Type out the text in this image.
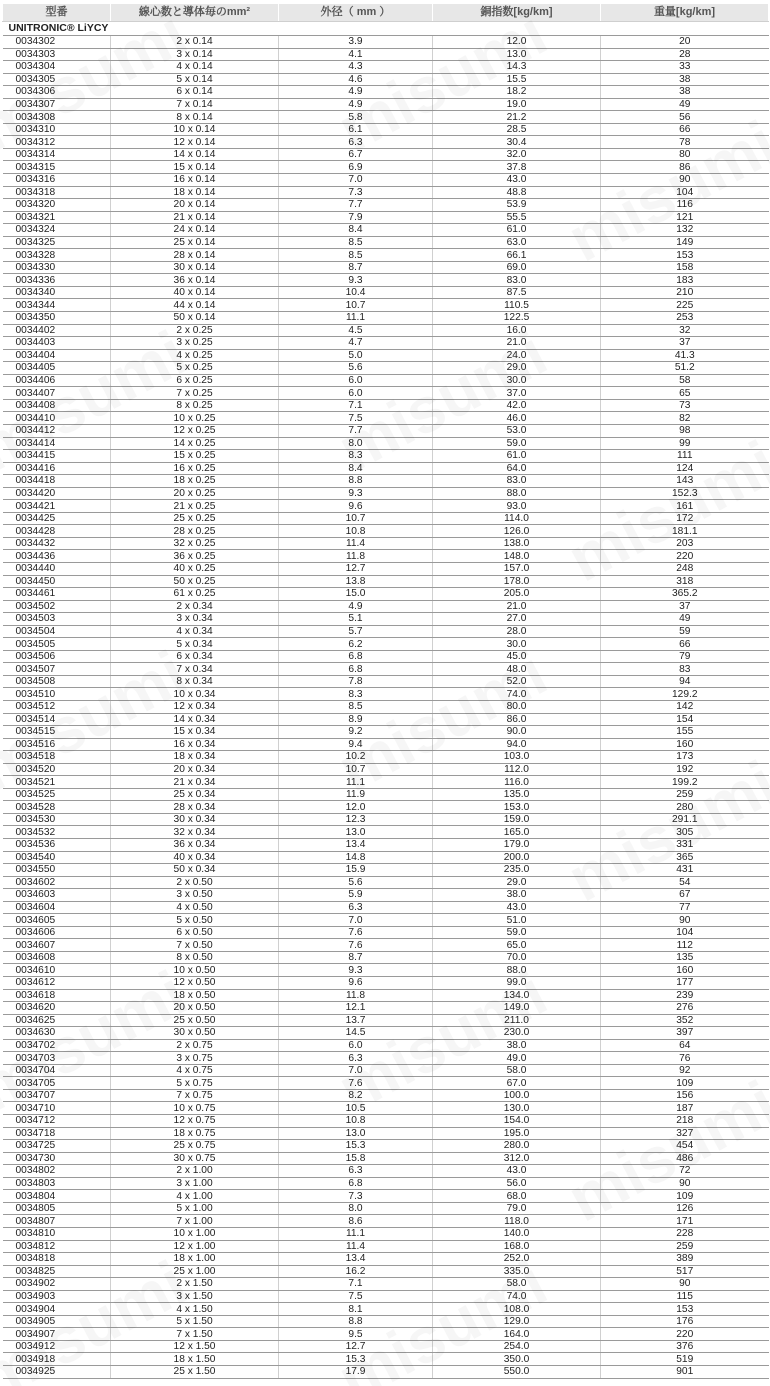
型番	線心数と導体毎のmm²	外径（ mm ）	銅指数[kg/km]	重量[kg/km]
UNITRONIC® LiYCY				
0034302	2 x 0.14	3.9	12.0	20
0034303	3 x 0.14	4.1	13.0	28
0034304	4 x 0.14	4.3	14.3	33
0034305	5 x 0.14	4.6	15.5	38
0034306	6 x 0.14	4.9	18.2	38
0034307	7 x 0.14	4.9	19.0	49
0034308	8 x 0.14	5.8	21.2	56
0034310	10 x 0.14	6.1	28.5	66
0034312	12 x 0.14	6.3	30.4	78
0034314	14 x 0.14	6.7	32.0	80
0034315	15 x 0.14	6.9	37.8	86
0034316	16 x 0.14	7.0	43.0	90
0034318	18 x 0.14	7.3	48.8	104
0034320	20 x 0.14	7.7	53.9	116
0034321	21 x 0.14	7.9	55.5	121
0034324	24 x 0.14	8.4	61.0	132
0034325	25 x 0.14	8.5	63.0	149
0034328	28 x 0.14	8.5	66.1	153
0034330	30 x 0.14	8.7	69.0	158
0034336	36 x 0.14	9.3	83.0	183
0034340	40 x 0.14	10.4	87.5	210
0034344	44 x 0.14	10.7	110.5	225
0034350	50 x 0.14	11.1	122.5	253
0034402	2 x 0.25	4.5	16.0	32
0034403	3 x 0.25	4.7	21.0	37
0034404	4 x 0.25	5.0	24.0	41.3
0034405	5 x 0.25	5.6	29.0	51.2
0034406	6 x 0.25	6.0	30.0	58
0034407	7 x 0.25	6.0	37.0	65
0034408	8 x 0.25	7.1	42.0	73
0034410	10 x 0.25	7.5	46.0	82
0034412	12 x 0.25	7.7	53.0	98
0034414	14 x 0.25	8.0	59.0	99
0034415	15 x 0.25	8.3	61.0	111
0034416	16 x 0.25	8.4	64.0	124
0034418	18 x 0.25	8.8	83.0	143
0034420	20 x 0.25	9.3	88.0	152.3
0034421	21 x 0.25	9.6	93.0	161
0034425	25 x 0.25	10.7	114.0	172
0034428	28 x 0.25	10.8	126.0	181.1
0034432	32 x 0.25	11.4	138.0	203
0034436	36 x 0.25	11.8	148.0	220
0034440	40 x 0.25	12.7	157.0	248
0034450	50 x 0.25	13.8	178.0	318
0034461	61 x 0.25	15.0	205.0	365.2
0034502	2 x 0.34	4.9	21.0	37
0034503	3 x 0.34	5.1	27.0	49
0034504	4 x 0.34	5.7	28.0	59
0034505	5 x 0.34	6.2	30.0	66
0034506	6 x 0.34	6.8	45.0	79
0034507	7 x 0.34	6.8	48.0	83
0034508	8 x 0.34	7.8	52.0	94
0034510	10 x 0.34	8.3	74.0	129.2
0034512	12 x 0.34	8.5	80.0	142
0034514	14 x 0.34	8.9	86.0	154
0034515	15 x 0.34	9.2	90.0	155
0034516	16 x 0.34	9.4	94.0	160
0034518	18 x 0.34	10.2	103.0	173
0034520	20 x 0.34	10.7	112.0	192
0034521	21 x 0.34	11.1	116.0	199.2
0034525	25 x 0.34	11.9	135.0	259
0034528	28 x 0.34	12.0	153.0	280
0034530	30 x 0.34	12.3	159.0	291.1
0034532	32 x 0.34	13.0	165.0	305
0034536	36 x 0.34	13.4	179.0	331
0034540	40 x 0.34	14.8	200.0	365
0034550	50 x 0.34	15.9	235.0	431
0034602	2 x 0.50	5.6	29.0	54
0034603	3 x 0.50	5.9	38.0	67
0034604	4 x 0.50	6.3	43.0	77
0034605	5 x 0.50	7.0	51.0	90
0034606	6 x 0.50	7.6	59.0	104
0034607	7 x 0.50	7.6	65.0	112
0034608	8 x 0.50	8.7	70.0	135
0034610	10 x 0.50	9.3	88.0	160
0034612	12 x 0.50	9.6	99.0	177
0034618	18 x 0.50	11.8	134.0	239
0034620	20 x 0.50	12.1	149.0	276
0034625	25 x 0.50	13.7	211.0	352
0034630	30 x 0.50	14.5	230.0	397
0034702	2 x 0.75	6.0	38.0	64
0034703	3 x 0.75	6.3	49.0	76
0034704	4 x 0.75	7.0	58.0	92
0034705	5 x 0.75	7.6	67.0	109
0034707	7 x 0.75	8.2	100.0	156
0034710	10 x 0.75	10.5	130.0	187
0034712	12 x 0.75	10.8	154.0	218
0034718	18 x 0.75	13.0	195.0	327
0034725	25 x 0.75	15.3	280.0	454
0034730	30 x 0.75	15.8	312.0	486
0034802	2 x 1.00	6.3	43.0	72
0034803	3 x 1.00	6.8	56.0	90
0034804	4 x 1.00	7.3	68.0	109
0034805	5 x 1.00	8.0	79.0	126
0034807	7 x 1.00	8.6	118.0	171
0034810	10 x 1.00	11.1	140.0	228
0034812	12 x 1.00	11.4	168.0	259
0034818	18 x 1.00	13.4	252.0	389
0034825	25 x 1.00	16.2	335.0	517
0034902	2 x 1.50	7.1	58.0	90
0034903	3 x 1.50	7.5	74.0	115
0034904	4 x 1.50	8.1	108.0	153
0034905	5 x 1.50	8.8	129.0	176
0034907	7 x 1.50	9.5	164.0	220
0034912	12 x 1.50	12.7	254.0	376
0034918	18 x 1.50	15.3	350.0	519
0034925	25 x 1.50	17.9	550.0	901
